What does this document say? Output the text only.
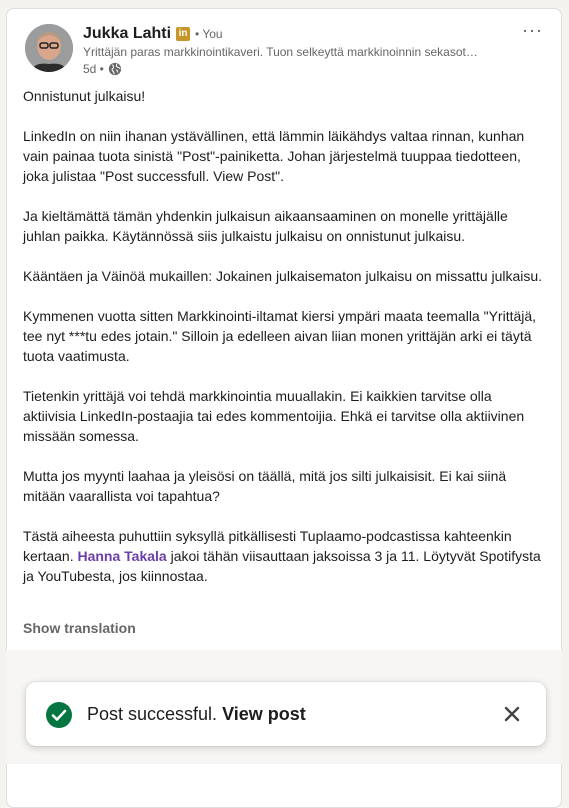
Jukka Lahti in • You
Yrittäjän paras markkinointikaveri. Tuon selkeyttä markkinoinnin sekasot…
5d •
···

Onnistunut julkaisu!

LinkedIn on niin ihanan ystävällinen, että lämmin läikähdys valtaa rinnan, kunhan vain painaa tuota sinistä "Post"-painiketta. Johan järjestelmä tuuppaa tiedotteen, joka julistaa "Post successfull. View Post".

Ja kieltämättä tämän yhdenkin julkaisun aikaansaaminen on monelle yrittäjälle juhlan paikka. Käytännössä siis julkaistu julkaisu on onnistunut julkaisu.

Kääntäen ja Väinöä mukaillen: Jokainen julkaisematon julkaisu on missattu julkaisu.

Kymmenen vuotta sitten Markkinointi-iltamat kiersi ympäri maata teemalla "Yrittäjä, tee nyt ***tu edes jotain." Silloin ja edelleen aivan liian monen yrittäjän arki ei täytä tuota vaatimusta.

Tietenkin yrittäjä voi tehdä markkinointia muuallakin. Ei kaikkien tarvitse olla aktiivisia LinkedIn-postaajia tai edes kommentoijia. Ehkä ei tarvitse olla aktiivinen missään somessa.

Mutta jos myynti laahaa ja yleisösi on täällä, mitä jos silti julkaisisit. Ei kai siinä mitään vaarallista voi tapahtua?

Tästä aiheesta puhuttiin syksyllä pitkällisesti Tuplaamo-podcastissa kahteenkin kertaan. Hanna Takala jakoi tähän viisauttaan jaksoissa 3 ja 11. Löytyvät Spotifysta ja YouTubesta, jos kiinnostaa.

Show translation
Post successful. View post
